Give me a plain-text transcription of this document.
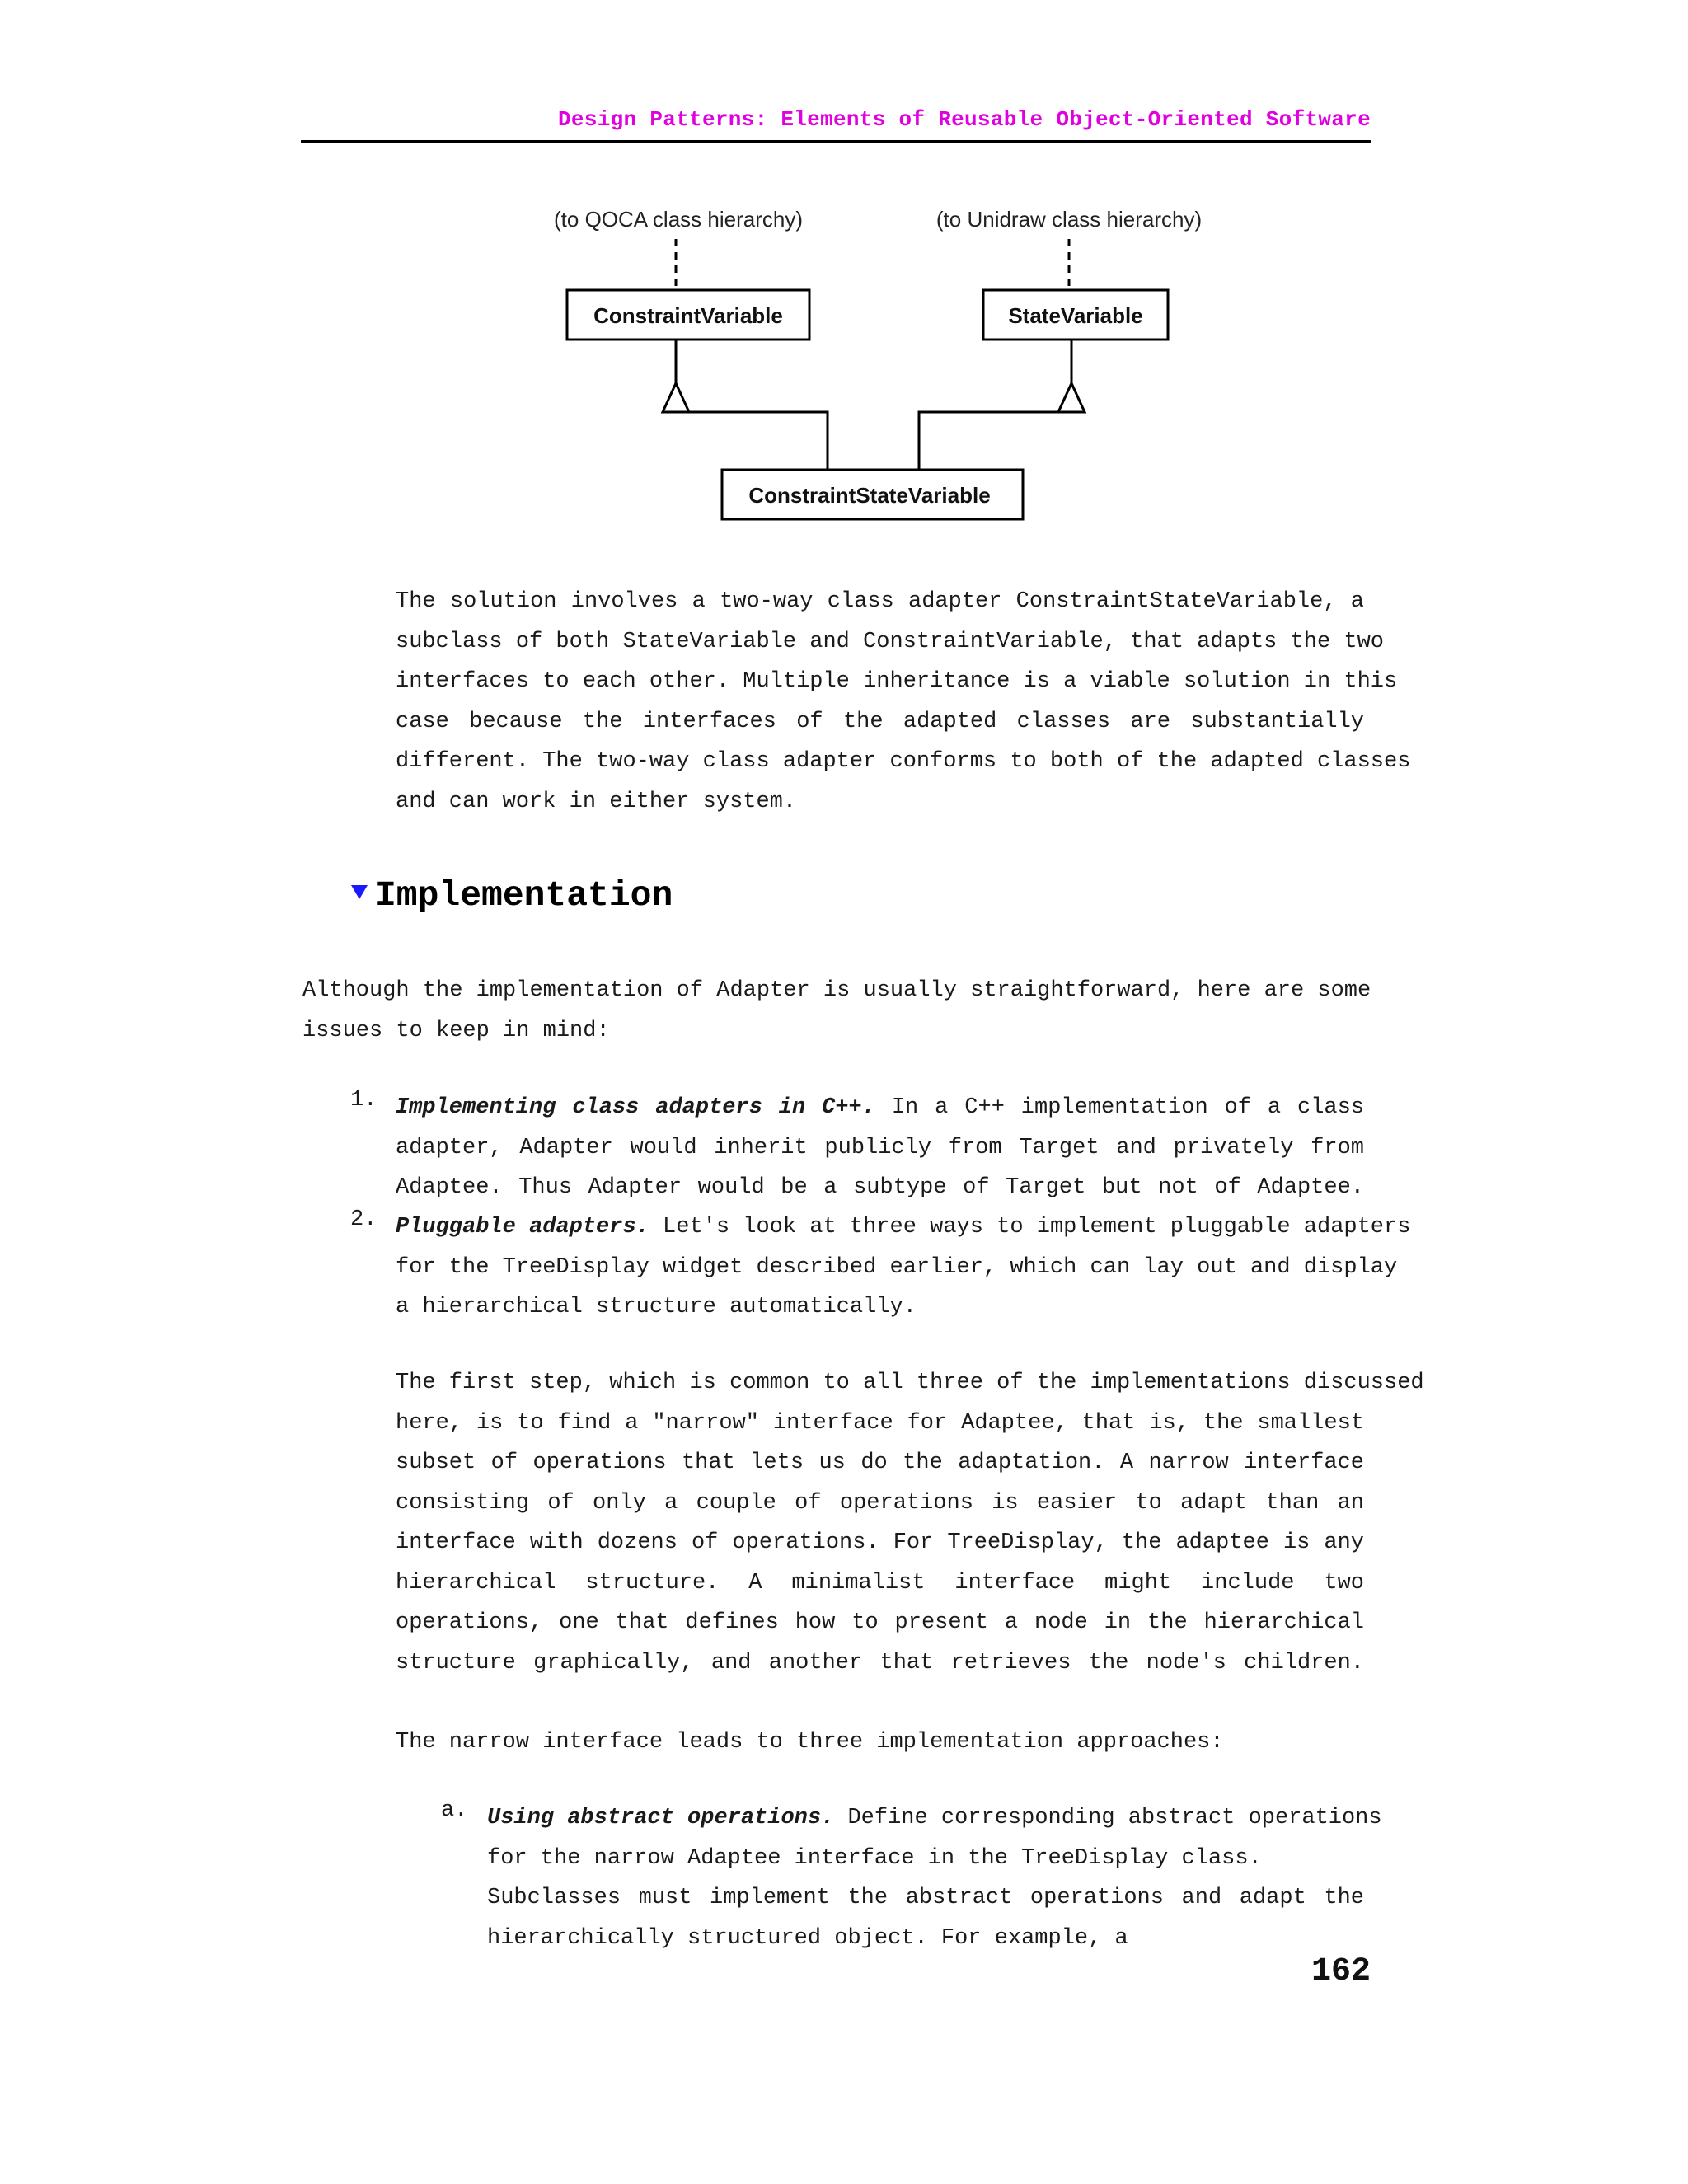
Design Patterns: Elements of Reusable Object-Oriented Software
(to QOCA class hierarchy)	(to Unidraw class hierarchy)
ConstraintVariable	StateVariable
ConstraintStateVariable
The solution involves a two-way class adapter ConstraintStateVariable, a
subclass of both StateVariable and ConstraintVariable, that adapts the two
interfaces to each other. Multiple inheritance is a viable solution in this
case because the interfaces of the adapted classes are substantially
different. The two-way class adapter conforms to both of the adapted classes
and can work in either system.
Implementation
Although the implementation of Adapter is usually straightforward, here are some
issues to keep in mind:
1. Implementing class adapters in C++. In a C++ implementation of a class
adapter, Adapter would inherit publicly from Target and privately from
Adaptee. Thus Adapter would be a subtype of Target but not of Adaptee.
2. Pluggable adapters. Let's look at three ways to implement pluggable adapters
for the TreeDisplay widget described earlier, which can lay out and display
a hierarchical structure automatically.
The first step, which is common to all three of the implementations discussed
here, is to find a "narrow" interface for Adaptee, that is, the smallest
subset of operations that lets us do the adaptation. A narrow interface
consisting of only a couple of operations is easier to adapt than an
interface with dozens of operations. For TreeDisplay, the adaptee is any
hierarchical structure. A minimalist interface might include two
operations, one that defines how to present a node in the hierarchical
structure graphically, and another that retrieves the node's children.
The narrow interface leads to three implementation approaches:
a. Using abstract operations. Define corresponding abstract operations
for the narrow Adaptee interface in the TreeDisplay class.
Subclasses must implement the abstract operations and adapt the
hierarchically structured object. For example, a
162
